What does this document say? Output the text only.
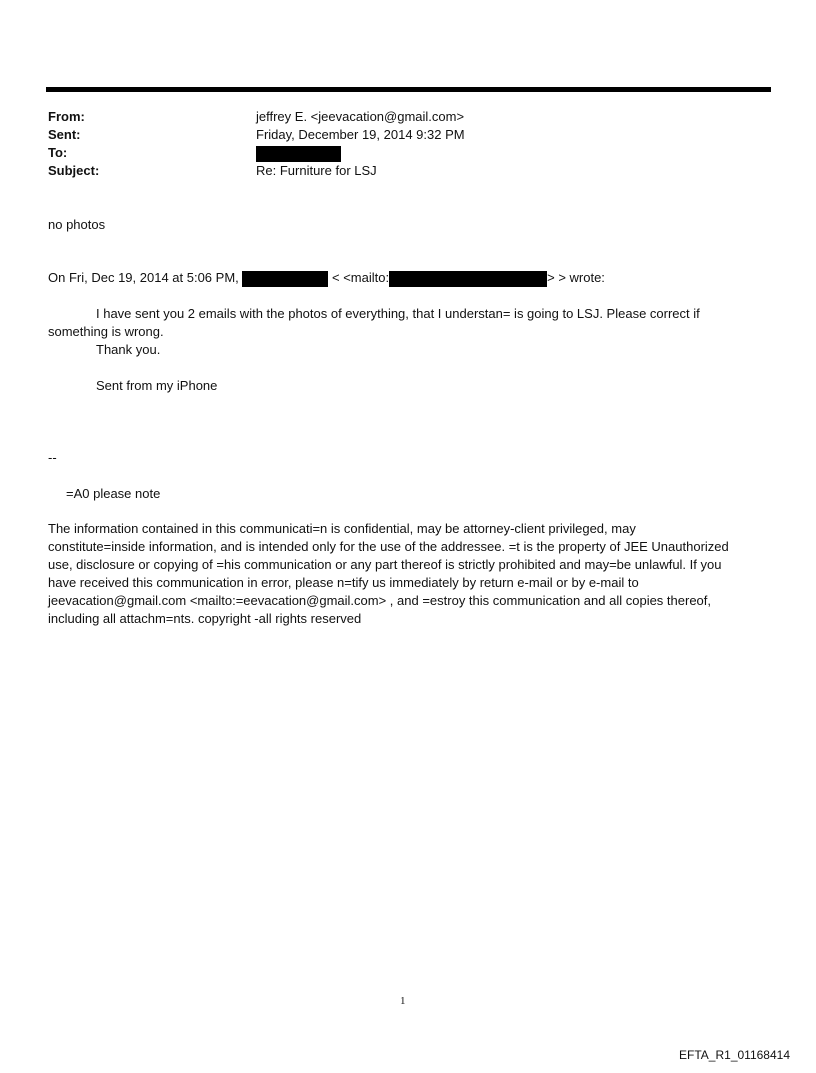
From:	jeffrey E. <jeevacation@gmail.com>
Sent:	Friday, December 19, 2014 9:32 PM
To:
Subject:	Re: Furniture for LSJ
no photos
On Fri, Dec 19, 2014 at 5:06 PM,	< <mailto:	> > wrote:
I have sent you 2 emails with the photos of everything, that I understan= is going to LSJ. Please correct if
something is wrong.
Thank you.
Sent from my iPhone
--
=A0 please note
The information contained in this communicati=n is confidential, may be attorney-client privileged, may
constitute=inside information, and is intended only for the use of the addressee. =t is the property of JEE Unauthorized
use, disclosure or copying of =his communication or any part thereof is strictly prohibited and may=be unlawful. If you
have received this communication in error, please n=tify us immediately by return e-mail or by e-mail to
jeevacation@gmail.com <mailto:=eevacation@gmail.com> , and =estroy this communication and all copies thereof,
including all attachm=nts. copyright -all rights reserved
1
EFTA_R1_01168414
